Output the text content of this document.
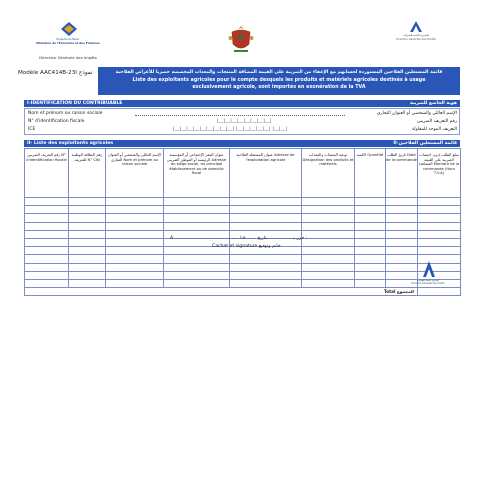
Royaume du Maroc
Ministère de l'Economie et des Finances
Direction Générale des Impôts
المديرية العامة للضرائب
Direction Générale des Impôts
Modèle AAC414B-23I نموذج	قائمة المستغلين الفلاحين المستوردة لحسابهم مع الإعفاء من الضريبة على القيمة المضافة المنتجات والمعدات المخصصة حصريا للأغراض الفلاحية
Liste des exploitants agricoles pour le compte desquels les produits et matériels agricoles destinés à usage
exclusivement agricole, sont importés en exonération de la TVA
I-IDENTIFICATION DU CONTRIBUABLE	هوية الخاضع للضريبة
Nom et prénom ou raison sociale	الإسم العائلي والشخصي أو العنوان التجاري
N° d'identification fiscale	|__|__|__|__|__|__|__|__|	رقم التعريف الضريبي
ICE	|__|__|__|__|__|__|__|__|__| |__|__|__|__|__| |__|__|	التعريف الموحد للمقاولة
II- Liste des exploitants agricoles	II-قائمة المستغلين الفلاحين
رقم التعريف الضريبي N° d'identification fiscale	رقم البطاقة الوطنية للتعريف N° CIN	الإسم العائلي والشخصي أو العنوان التجاري Nom et prénom ou raison sociale	عنوان المقر الإجتماعي أو المؤسسة الرئيسية أو الموطن الضريبي Adresse du siège social, du principal établissement ou de domicile fiscal	عنوان المستغلة الفلاحية Adresse de l'exploitation agricole	نوعية المنتجات والمعدات Désignation des produits et matériels	الكمية Quantité	تاريخ الطلب Date de la commande	مبلغ الطلب (دون احتساب الضريبة على القيمة المضافة) Montant de la commande (Hors T.V.A)

Total المجموع								
A............................................. Le ...... حرر بـ ............... بتاريخ :
Cachet et signature خاتم وتوقيع
المديرية العامة للضرائب
Direction Générale des Impôts
